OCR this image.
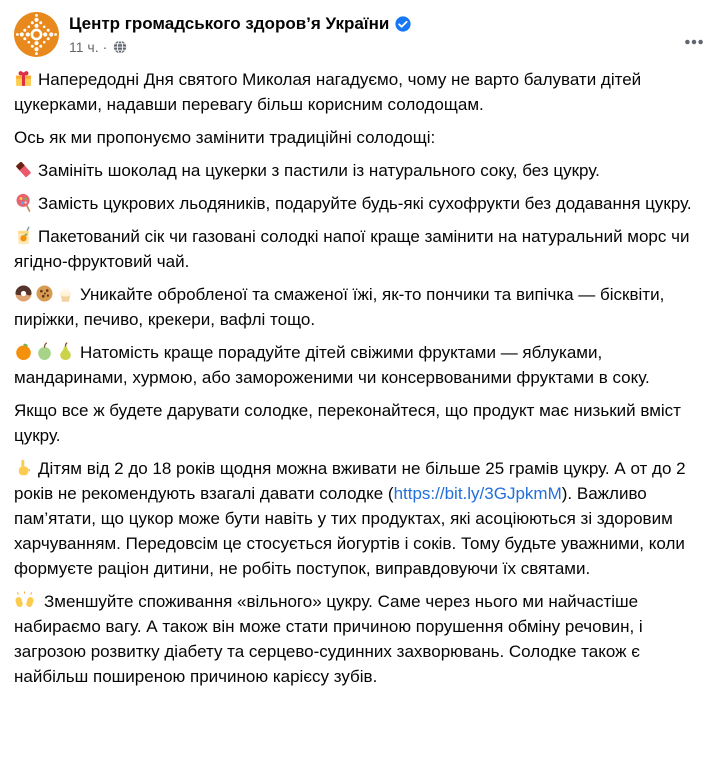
Центр громадського здоров’я України
11 ч. ·

Напередодні Дня святого Миколая нагадуємо, чому не варто балувати дітей цукерками, надавши перевагу більш корисним солодощам.

Ось як ми пропонуємо замінити традиційні солодощі:

Замініть шоколад на цукерки з пастили із натурального соку, без цукру.

Замість цукрових льодяників, подаруйте будь-які сухофрукти без додавання цукру.

Пакетований сік чи газовані солодкі напої краще замінити на натуральний морс чи ягідно-фруктовий чай.

Уникайте обробленої та смаженої їжі, як-то пончики та випічка — бісквіти, пиріжки, печиво, крекери, вафлі тощо.

Натомість краще порадуйте дітей свіжими фруктами — яблуками, мандаринами, хурмою, або замороженими чи консервованими фруктами в соку.

Якщо все ж будете дарувати солодке, переконайтеся, що продукт має низький вміст цукру.

Дітям від 2 до 18 років щодня можна вживати не більше 25 грамів цукру. А от до 2 років не рекомендують взагалі давати солодке (https://bit.ly/3GJpkmM). Важливо пам’ятати, що цукор може бути навіть у тих продуктах, які асоціюються зі здоровим харчуванням. Передовсім це стосується йогуртів і соків. Тому будьте уважними, коли формуєте раціон дитини, не робіть поступок, виправдовуючи їх святами.

Зменшуйте споживання «вільного» цукру. Саме через нього ми найчастіше набираємо вагу. А також він може стати причиною порушення обміну речовин, і загрозою розвитку діабету та серцево-судинних захворювань. Солодке також є найбільш поширеною причиною карієсу зубів.
